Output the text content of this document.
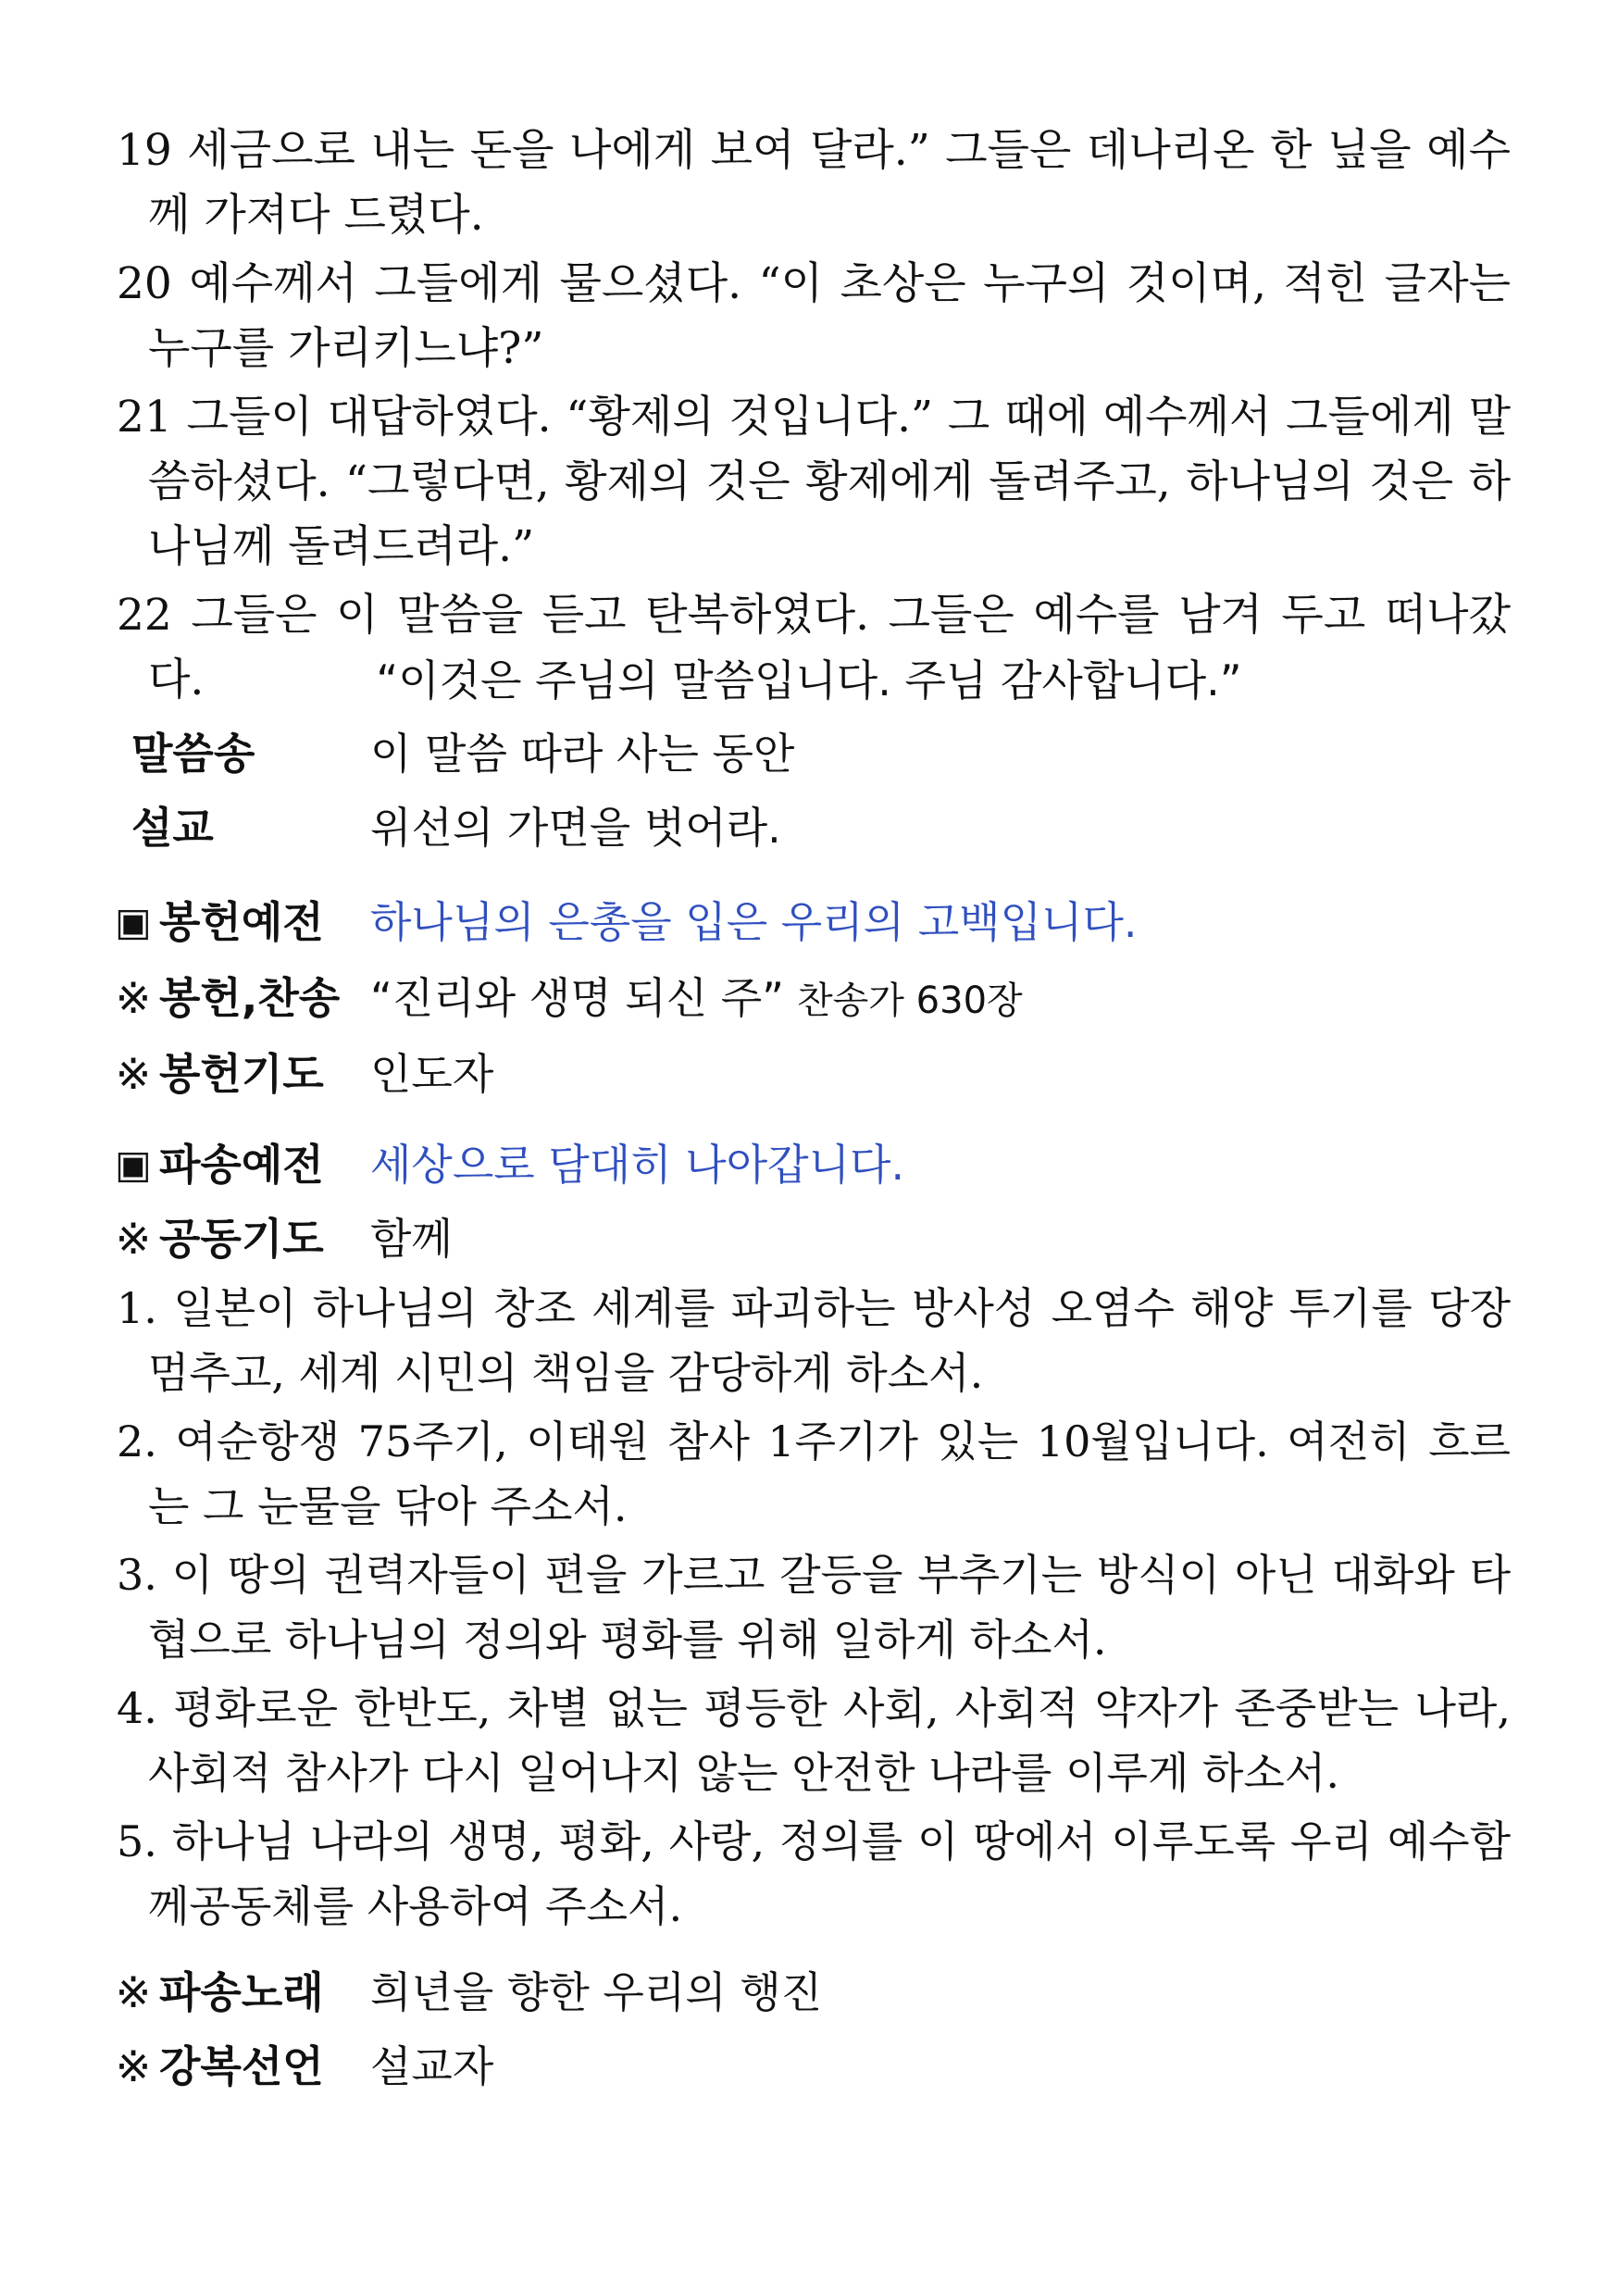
19 세금으로 내는 돈을 나에게 보여 달라.” 그들은 데나리온 한 닢을 예수께 가져다 드렸다.

20 예수께서 그들에게 물으셨다. “이 초상은 누구의 것이며, 적힌 글자는 누구를 가리키느냐?”

21 그들이 대답하였다. “황제의 것입니다.” 그 때에 예수께서 그들에게 말씀하셨다. “그렇다면, 황제의 것은 황제에게 돌려주고, 하나님의 것은 하나님께 돌려드려라.”

22 그들은 이 말씀을 듣고 탄복하였다. 그들은 예수를 남겨 두고 떠나갔다.	“이것은 주님의 말씀입니다. 주님 감사합니다.”
말씀송	이 말씀 따라 사는 동안
설교	위선의 가면을 벗어라.
▣ 봉헌예전 하나님의 은총을 입은 우리의 고백입니다.
※ 봉헌,찬송 “진리와 생명 되신 주” 찬송가 630장
※ 봉헌기도 인도자
▣ 파송예전 세상으로 담대히 나아갑니다.
※ 공동기도 함께

1. 일본이 하나님의 창조 세계를 파괴하는 방사성 오염수 해양 투기를 당장 멈추고, 세계 시민의 책임을 감당하게 하소서.

2. 여순항쟁 75주기, 이태원 참사 1주기가 있는 10월입니다. 여전히 흐르는 그 눈물을 닦아 주소서.

3. 이 땅의 권력자들이 편을 가르고 갈등을 부추기는 방식이 아닌 대화와 타협으로 하나님의 정의와 평화를 위해 일하게 하소서.

4. 평화로운 한반도, 차별 없는 평등한 사회, 사회적 약자가 존중받는 나라, 사회적 참사가 다시 일어나지 않는 안전한 나라를 이루게 하소서.

5. 하나님 나라의 생명, 평화, 사랑, 정의를 이 땅에서 이루도록 우리 예수함께공동체를 사용하여 주소서.

※ 파송노래 희년을 향한 우리의 행진
※ 강복선언 설교자
